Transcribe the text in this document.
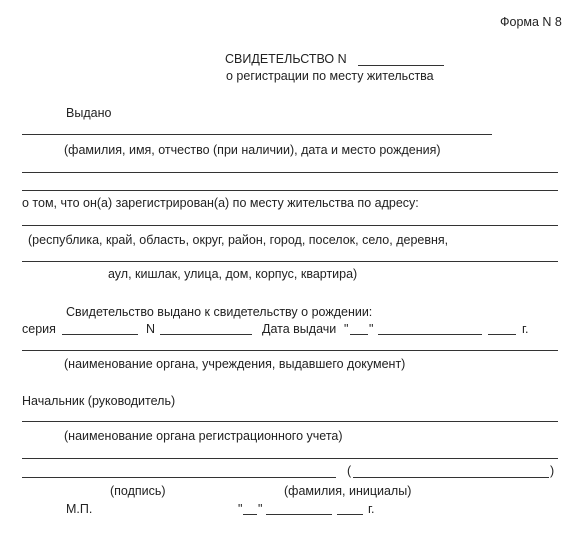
Форма N 8
СВИДЕТЕЛЬСТВО N
о регистрации по месту жительства
Выдано
(фамилия, имя, отчество (при наличии), дата и место рождения)
о том, что он(а) зарегистрирован(а) по месту жительства по адресу:
(республика, край, область, округ, район, город, поселок, село, деревня,
аул, кишлак, улица, дом, корпус, квартира)
Свидетельство выдано к свидетельству о рождении:
серия	N	Дата выдачи " "	г.
(наименование органа, учреждения, выдавшего документ)
Начальник (руководитель)
(наименование органа регистрационного учета)
(	)
(подпись)	(фамилия, инициалы)
М.П.	" "	г.
